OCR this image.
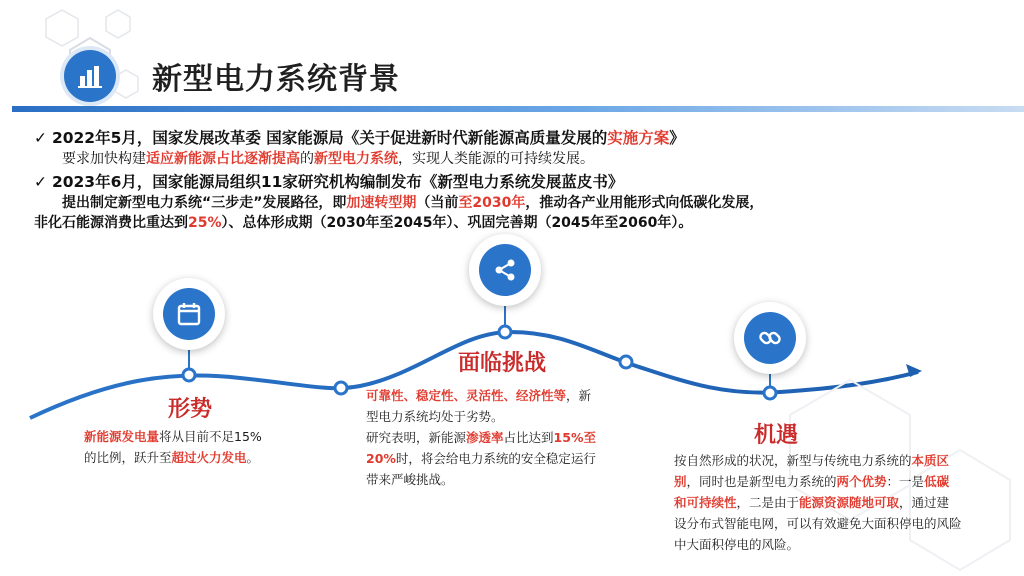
新型电力系统背景
✓ 2022年5月，国家发展改革委 国家能源局《关于促进新时代新能源高质量发展的实施方案》
要求加快构建适应新能源占比逐渐提高的新型电力系统，实现人类能源的可持续发展。
✓ 2023年6月，国家能源局组织11家研究机构编制发布《新型电力系统发展蓝皮书》
提出制定新型电力系统“三步走”发展路径，即加速转型期（当前至2030年，推动各产业用能形式向低碳化发展，
非化石能源消费比重达到25%）、总体形成期（2030年至2045年）、巩固完善期（2045年至2060年）。
形势
面临挑战
机遇
新能源发电量将从目前不足15%
的比例，跃升至超过火力发电。
可靠性、稳定性、灵活性、经济性等，新
型电力系统均处于劣势。
研究表明，新能源渗透率占比达到15%至
20%时，将会给电力系统的安全稳定运行
带来严峻挑战。
按自然形成的状况，新型与传统电力系统的本质区
别，同时也是新型电力系统的两个优势：一是低碳
和可持续性，二是由于能源资源随地可取，通过建
设分布式智能电网，可以有效避免大面积停电的风险
中大面积停电的风险。
